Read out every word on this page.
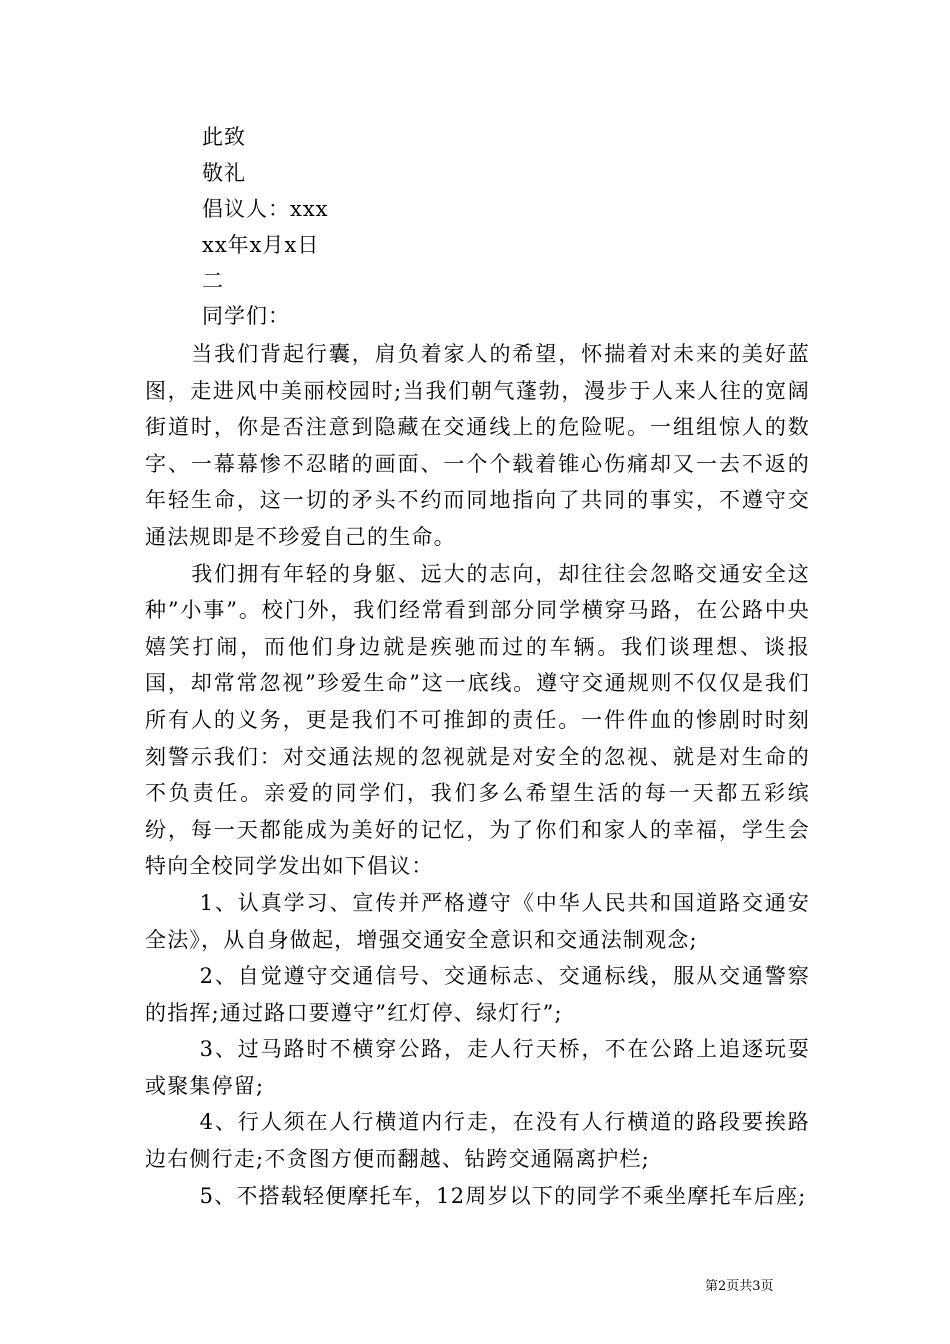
此致
敬礼
倡议人：xxx
xx年x月x日
二
同学们：

当我们背起行囊，肩负着家人的希望，怀揣着对未来的美好蓝图，走进风中美丽校园时;当我们朝气蓬勃，漫步于人来人往的宽阔街道时，你是否注意到隐藏在交通线上的危险呢。一组组惊人的数字、一幕幕惨不忍睹的画面、一个个载着锥心伤痛却又一去不返的年轻生命，这一切的矛头不约而同地指向了共同的事实，不遵守交通法规即是不珍爱自己的生命。

我们拥有年轻的身躯、远大的志向，却往往会忽略交通安全这种”小事”。校门外，我们经常看到部分同学横穿马路，在公路中央嬉笑打闹，而他们身边就是疾驰而过的车辆。我们谈理想、谈报国，却常常忽视”珍爱生命”这一底线。遵守交通规则不仅仅是我们所有人的义务，更是我们不可推卸的责任。一件件血的惨剧时时刻刻警示我们：对交通法规的忽视就是对安全的忽视、就是对生命的不负责任。亲爱的同学们，我们多么希望生活的每一天都五彩缤纷，每一天都能成为美好的记忆，为了你们和家人的幸福，学生会特向全校同学发出如下倡议：

1、认真学习、宣传并严格遵守《中华人民共和国道路交通安全法》，从自身做起，增强交通安全意识和交通法制观念;

2、自觉遵守交通信号、交通标志、交通标线，服从交通警察的指挥;通过路口要遵守”红灯停、绿灯行”;

3、过马路时不横穿公路，走人行天桥，不在公路上追逐玩耍或聚集停留;

4、行人须在人行横道内行走，在没有人行横道的路段要挨路边右侧行走;不贪图方便而翻越、钻跨交通隔离护栏;

5、不搭载轻便摩托车，12周岁以下的同学不乘坐摩托车后座;

第2页共3页
